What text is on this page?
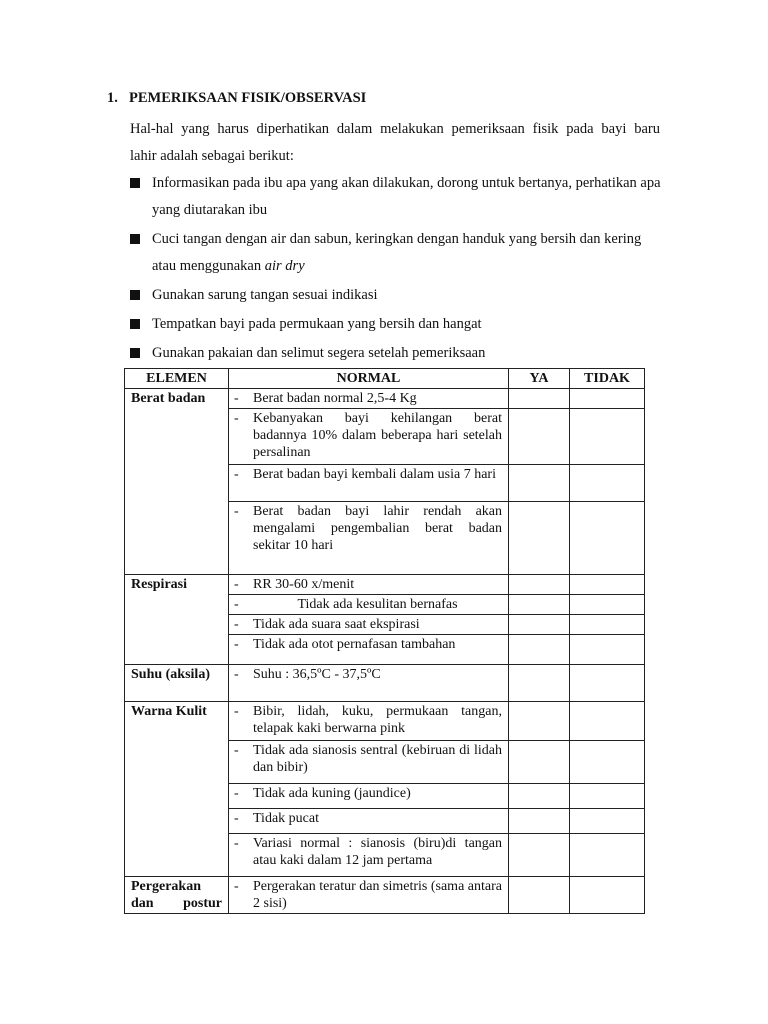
1. PEMERIKSAAN FISIK/OBSERVASI
Hal-hal yang harus diperhatikan dalam melakukan pemeriksaan fisik pada bayi baru
lahir adalah sebagai berikut:
Informasikan pada ibu apa yang akan dilakukan, dorong untuk bertanya, perhatikan apa yang diutarakan ibu
Cuci tangan dengan air dan sabun, keringkan dengan handuk yang bersih dan kering atau menggunakan air dry
Gunakan sarung tangan sesuai indikasi
Tempatkan bayi pada permukaan yang bersih dan hangat
Gunakan pakaian dan selimut segera setelah pemeriksaan
ELEMEN	NORMAL	YA	TIDAK
Berat badan	- Berat badan normal 2,5-4 Kg		

	- Kebanyakan bayi kehilangan berat badannya 10% dalam beberapa hari setelah persalinan		

	- Berat badan bayi kembali dalam usia 7 hari		

	- Berat badan bayi lahir rendah akan mengalami pengembalian berat badan sekitar 10 hari		
Respirasi	- RR 30-60 x/menit		

	- Tidak ada kesulitan bernafas		

	- Tidak ada suara saat ekspirasi		

	- Tidak ada otot pernafasan tambahan		
Suhu (aksila)	- Suhu : 36,5ºC - 37,5ºC		
Warna Kulit	- Bibir, lidah, kuku, permukaan tangan, telapak kaki berwarna pink		

	- Tidak ada sianosis sentral (kebiruan di lidah dan bibir)		

	- Tidak ada kuning (jaundice)		

	- Tidak pucat		

	- Variasi normal : sianosis (biru)di tangan atau kaki dalam 12 jam pertama		
Pergerakan dan postur	- Pergerakan teratur dan simetris (sama antara 2 sisi)		
